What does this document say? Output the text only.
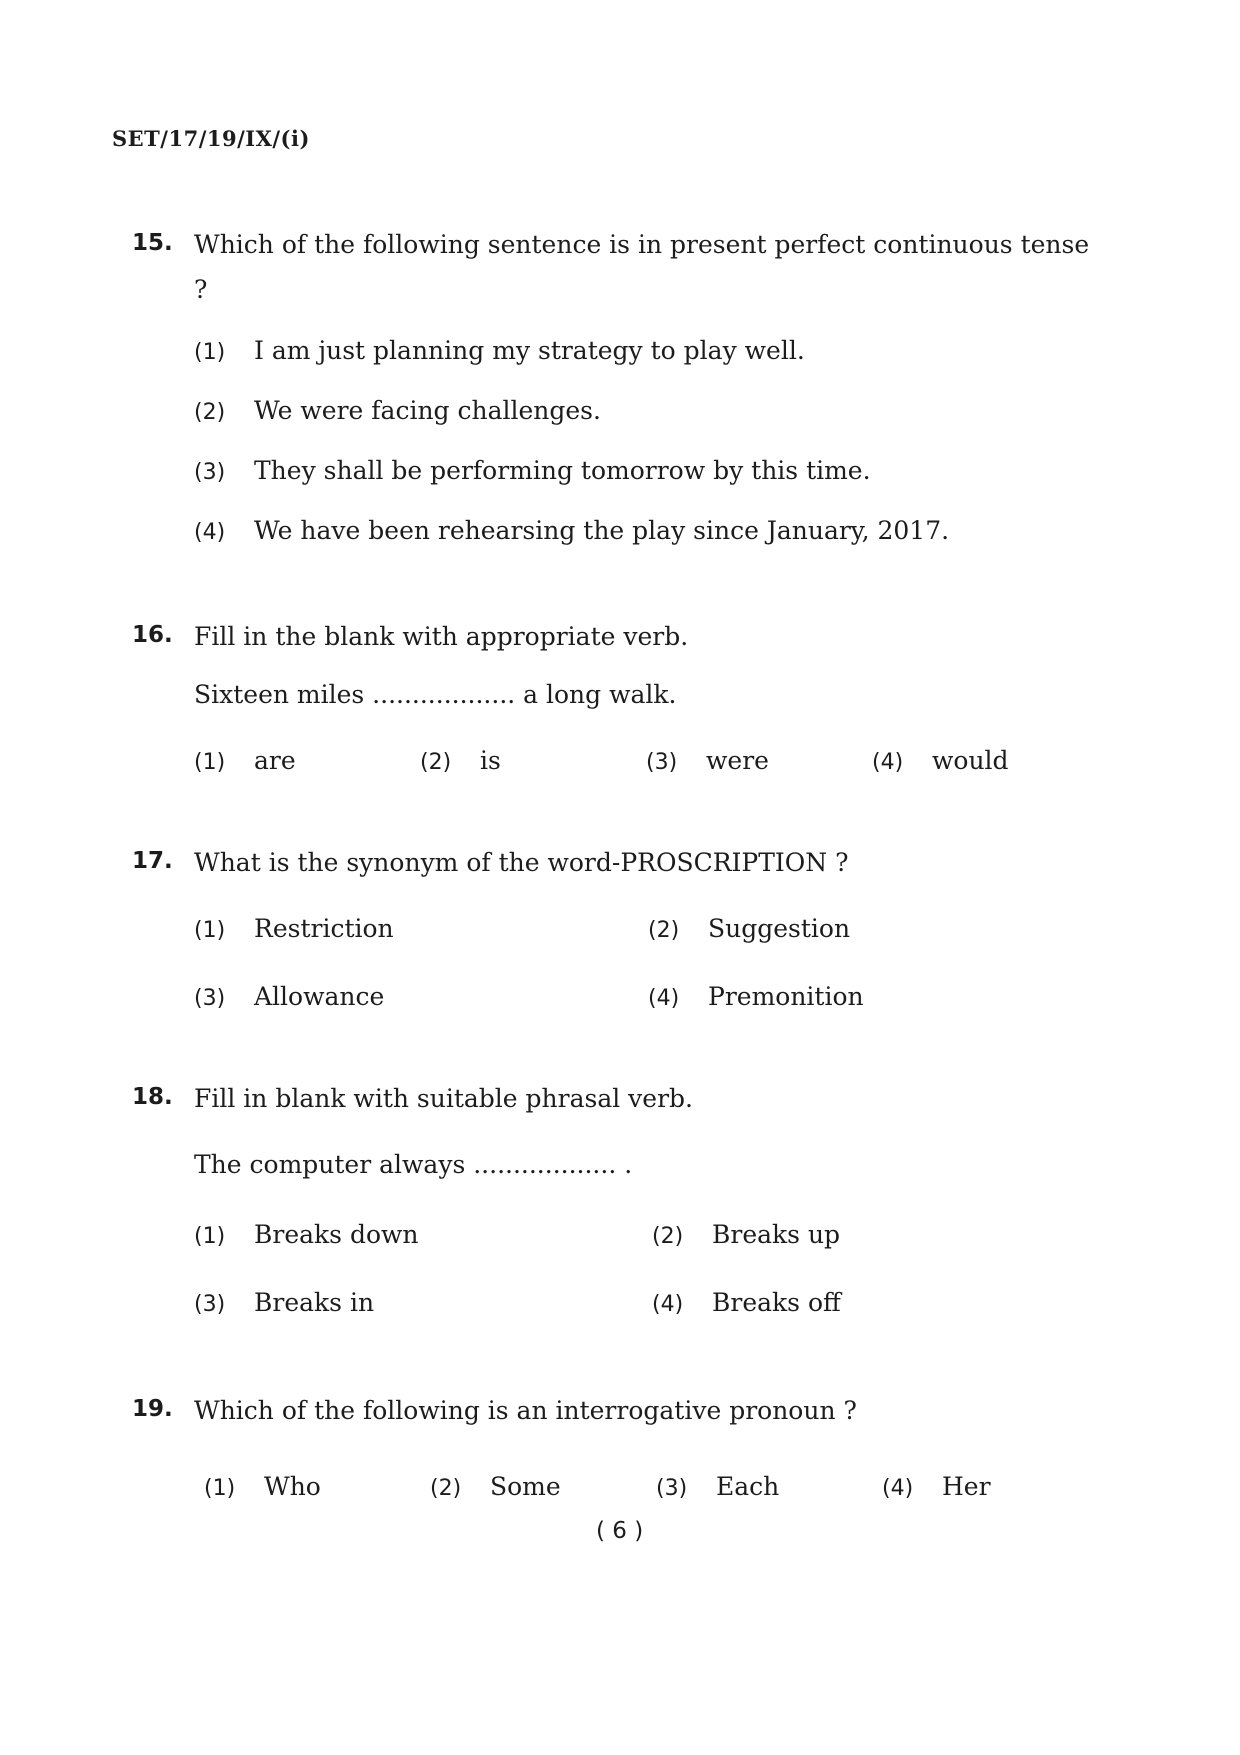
SET/17/19/IX/(i)
15. Which of the following sentence is in present perfect continuous tense ?
(1) I am just planning my strategy to play well.
(2) We were facing challenges.
(3) They shall be performing tomorrow by this time.
(4) We have been rehearsing the play since January, 2017.
16. Fill in the blank with appropriate verb.
Sixteen miles .................. a long walk.
(1) are	(2) is	(3) were	(4) would
17. What is the synonym of the word-PROSCRIPTION ?
(1) Restriction	(2) Suggestion
(3) Allowance	(4) Premonition
18. Fill in blank with suitable phrasal verb.
The computer always .................. .
(1) Breaks down	(2) Breaks up
(3) Breaks in	(4) Breaks off
19. Which of the following is an interrogative pronoun ?
(1) Who	(2) Some	(3) Each	(4) Her
( 6 )
